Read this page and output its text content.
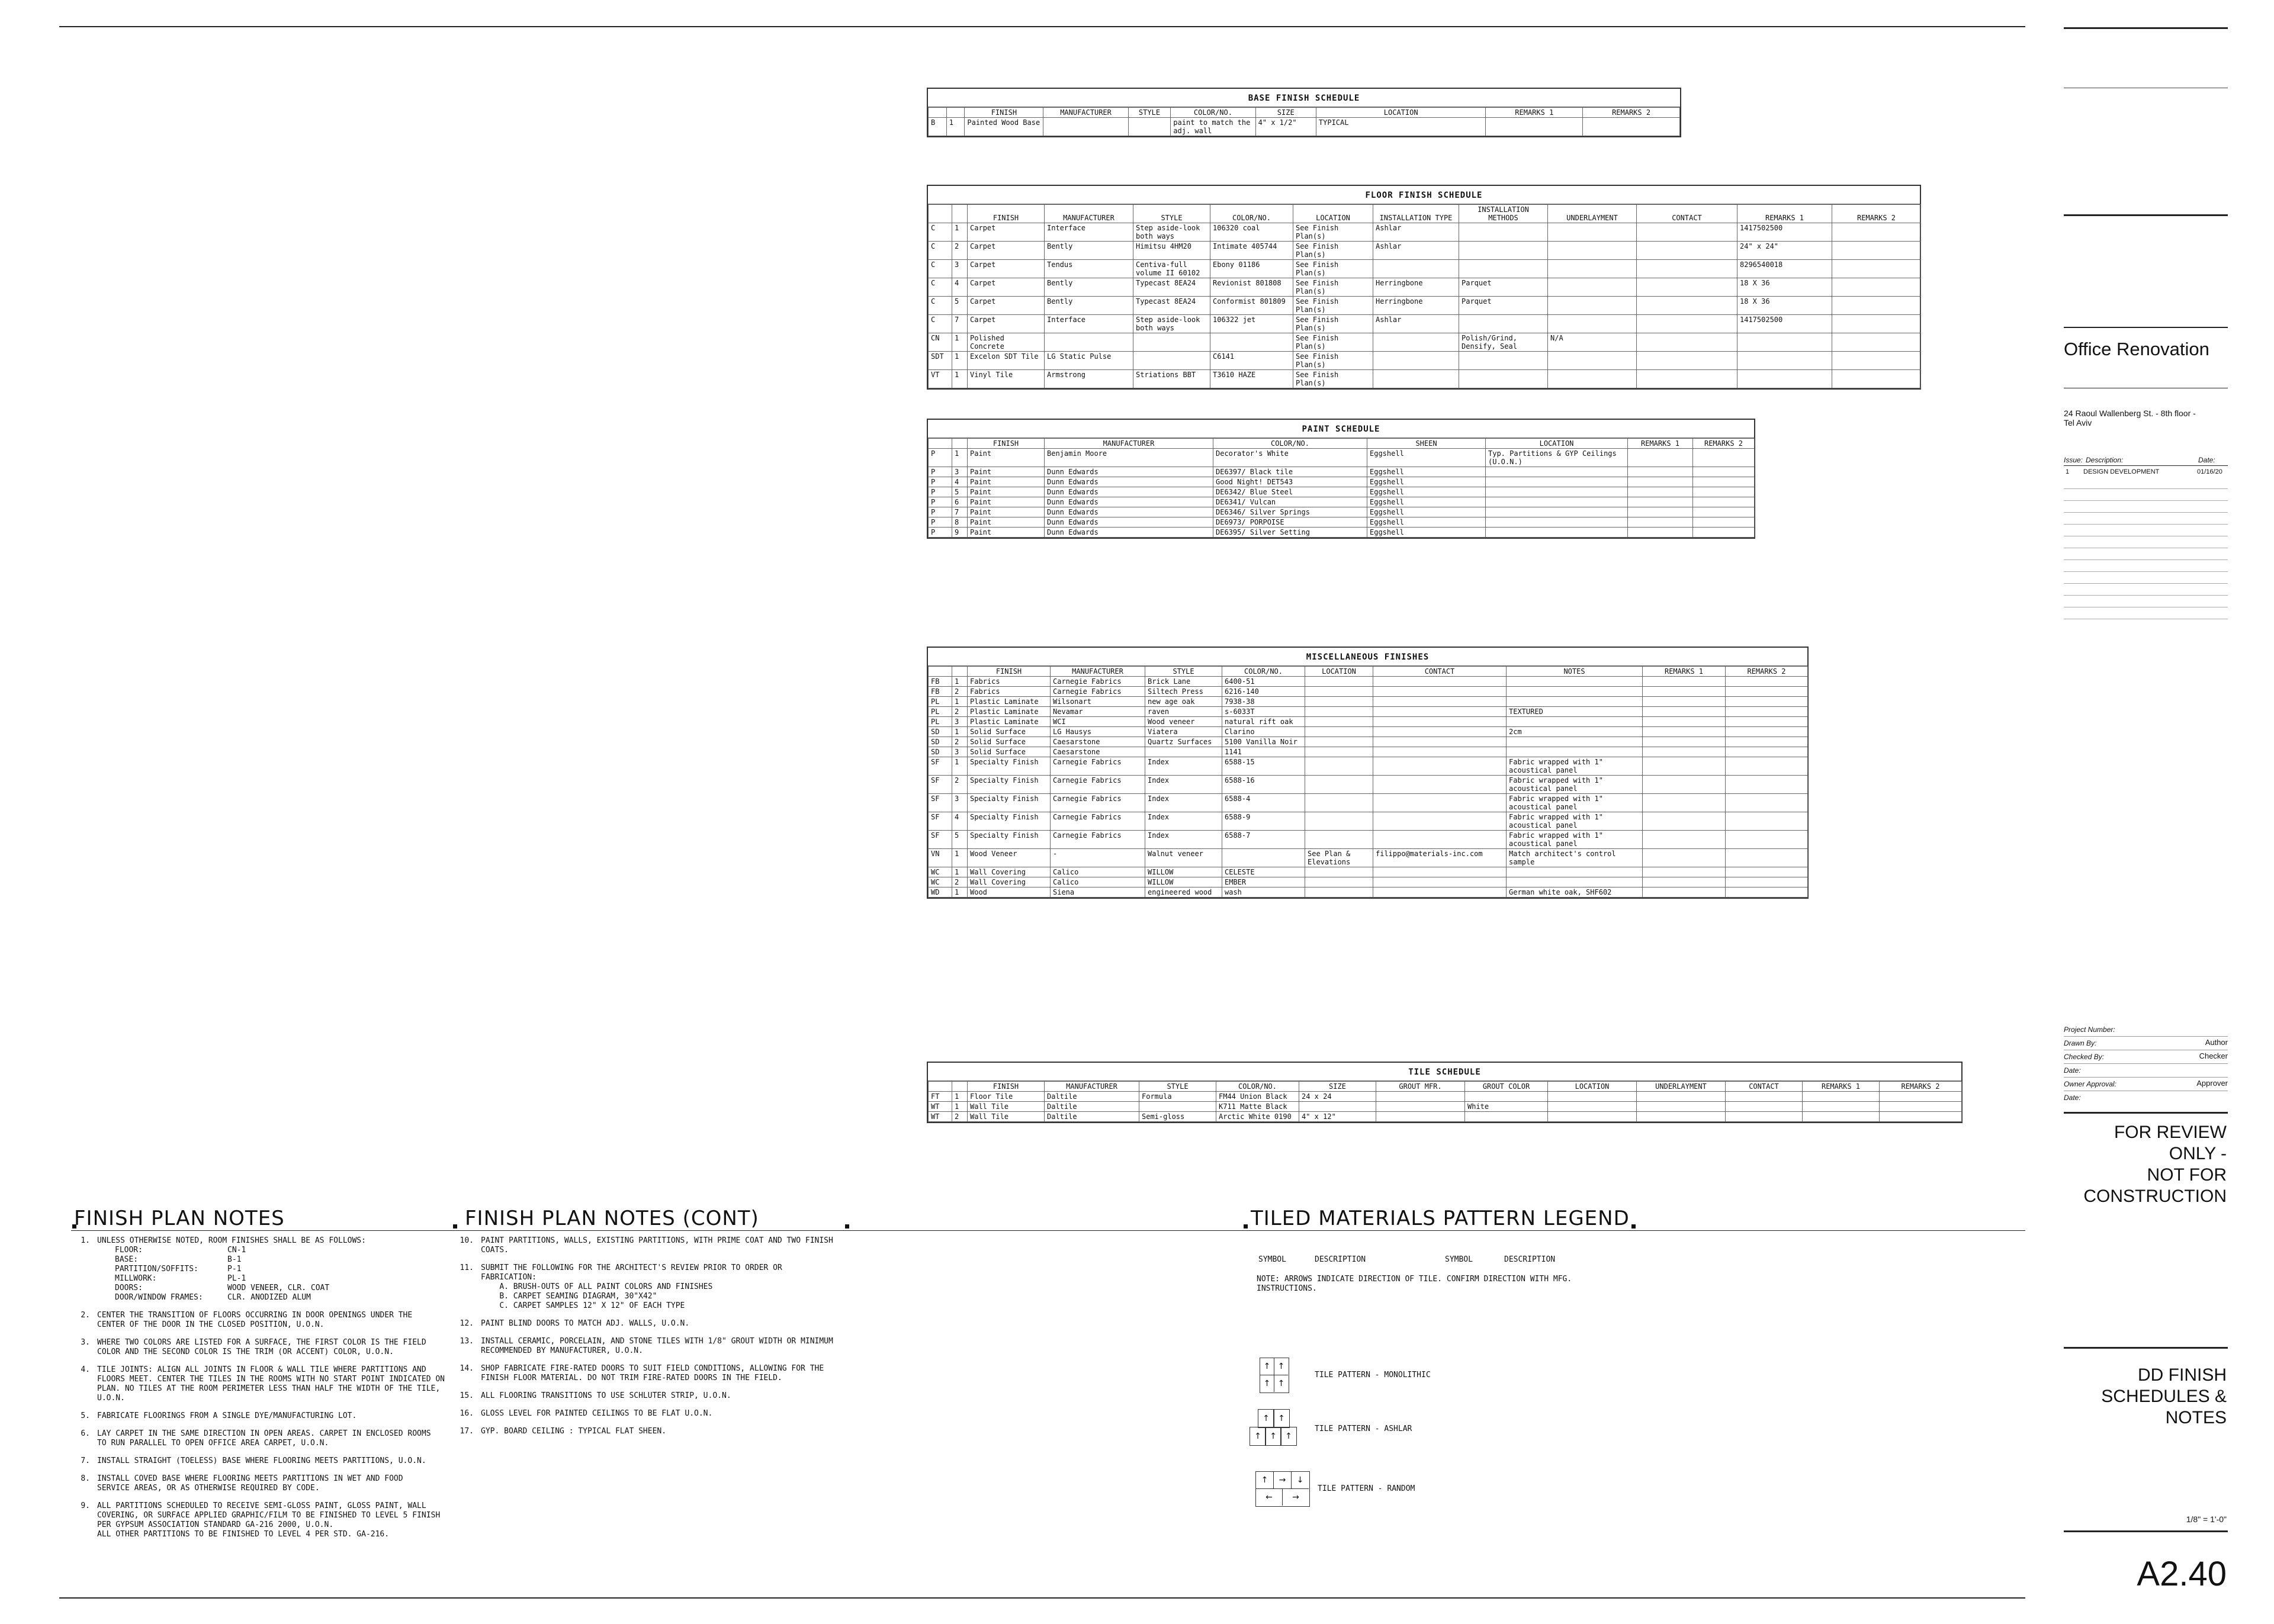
BASE FINISH SCHEDULE
		FINISH	MANUFACTURER	STYLE	COLOR/NO.	SIZE	LOCATION	REMARKS 1	REMARKS 2
B	1	Painted Wood Base			paint to match the adj. wall	4" x 1/2"	TYPICAL		
FLOOR FINISH SCHEDULE
		FINISH	MANUFACTURER	STYLE	COLOR/NO.	LOCATION	INSTALLATION TYPE	INSTALLATION METHODS	UNDERLAYMENT	CONTACT	REMARKS 1	REMARKS 2
C	1	Carpet	Interface	Step aside-look both ways	106320 coal	See Finish Plan(s)	Ashlar				1417502500	
C	2	Carpet	Bently	Himitsu 4HM20	Intimate 405744	See Finish Plan(s)	Ashlar				24" x 24"	
C	3	Carpet	Tendus	Centiva-full volume II 60102	Ebony 01186	See Finish Plan(s)					8296540018	
C	4	Carpet	Bently	Typecast 8EA24	Revionist 801808	See Finish Plan(s)	Herringbone	Parquet			18 X 36	
C	5	Carpet	Bently	Typecast 8EA24	Conformist 801809	See Finish Plan(s)	Herringbone	Parquet			18 X 36	
C	7	Carpet	Interface	Step aside-look both ways	106322 jet	See Finish Plan(s)	Ashlar				1417502500	
CN	1	Polished Concrete				See Finish Plan(s)		Polish/Grind, Densify, Seal	N/A			
SDT	1	Excelon SDT Tile	LG Static Pulse		C6141	See Finish Plan(s)						
VT	1	Vinyl Tile	Armstrong	Striations BBT	T3610 HAZE	See Finish Plan(s)						
PAINT SCHEDULE
		FINISH	MANUFACTURER	COLOR/NO.	SHEEN	LOCATION	REMARKS 1	REMARKS 2
P	1	Paint	Benjamin Moore	Decorator's White	Eggshell	Typ. Partitions & GYP Ceilings (U.O.N.)		
P	3	Paint	Dunn Edwards	DE6397/ Black tile	Eggshell			
P	4	Paint	Dunn Edwards	Good Night! DET543	Eggshell			
P	5	Paint	Dunn Edwards	DE6342/ Blue Steel	Eggshell			
P	6	Paint	Dunn Edwards	DE6341/ Vulcan	Eggshell			
P	7	Paint	Dunn Edwards	DE6346/ Silver Springs	Eggshell			
P	8	Paint	Dunn Edwards	DE6973/ PORPOISE	Eggshell			
P	9	Paint	Dunn Edwards	DE6395/ Silver Setting	Eggshell			
MISCELLANEOUS FINISHES
		FINISH	MANUFACTURER	STYLE	COLOR/NO.	LOCATION	CONTACT	NOTES	REMARKS 1	REMARKS 2
FB	1	Fabrics	Carnegie Fabrics	Brick Lane	6400-51					
FB	2	Fabrics	Carnegie Fabrics	Siltech Press	6216-140					
PL	1	Plastic Laminate	Wilsonart	new age oak	7938-38					
PL	2	Plastic Laminate	Nevamar	raven	s-6033T			TEXTURED		
PL	3	Plastic Laminate	WCI	Wood veneer	natural rift oak					
SD	1	Solid Surface	LG Hausys	Viatera	Clarino			2cm		
SD	2	Solid Surface	Caesarstone	Quartz Surfaces	5100 Vanilla Noir					
SD	3	Solid Surface	Caesarstone		1141					
SF	1	Specialty Finish	Carnegie Fabrics	Index	6588-15			Fabric wrapped with 1" acoustical panel		
SF	2	Specialty Finish	Carnegie Fabrics	Index	6588-16			Fabric wrapped with 1" acoustical panel		
SF	3	Specialty Finish	Carnegie Fabrics	Index	6588-4			Fabric wrapped with 1" acoustical panel		
SF	4	Specialty Finish	Carnegie Fabrics	Index	6588-9			Fabric wrapped with 1" acoustical panel		
SF	5	Specialty Finish	Carnegie Fabrics	Index	6588-7			Fabric wrapped with 1" acoustical panel		
VN	1	Wood Veneer	-	Walnut veneer		See Plan & Elevations	filippo@materials-inc.com	Match architect's control sample		
WC	1	Wall Covering	Calico	WILLOW	CELESTE					
WC	2	Wall Covering	Calico	WILLOW	EMBER					
WD	1	Wood	Siena	engineered wood	wash			German white oak, SHF602		
TILE SCHEDULE
		FINISH	MANUFACTURER	STYLE	COLOR/NO.	SIZE	GROUT MFR.	GROUT COLOR	LOCATION	UNDERLAYMENT	CONTACT	REMARKS 1	REMARKS 2
FT	1	Floor Tile	Daltile	Formula	FM44 Union Black	24 x 24							
WT	1	Wall Tile	Daltile		K711 Matte Black			White					
WT	2	Wall Tile	Daltile	Semi-gloss	Arctic White 0190	4" x 12"							
FINISH PLAN NOTES
1. UNLESS OTHERWISE NOTED, ROOM FINISHES SHALL BE AS FOLLOWS:
FLOOR:	CN-1
BASE:	B-1
PARTITION/SOFFITS:	P-1
MILLWORK:	PL-1
DOORS:	WOOD VENEER, CLR. COAT
DOOR/WINDOW FRAMES:	CLR. ANODIZED ALUM
2. CENTER THE TRANSITION OF FLOORS OCCURRING IN DOOR OPENINGS UNDER THE
CENTER OF THE DOOR IN THE CLOSED POSITION, U.O.N.
3. WHERE TWO COLORS ARE LISTED FOR A SURFACE, THE FIRST COLOR IS THE FIELD
COLOR AND THE SECOND COLOR IS THE TRIM (OR ACCENT) COLOR, U.O.N.
4. TILE JOINTS: ALIGN ALL JOINTS IN FLOOR & WALL TILE WHERE PARTITIONS AND
FLOORS MEET. CENTER THE TILES IN THE ROOMS WITH NO START POINT INDICATED ON
PLAN. NO TILES AT THE ROOM PERIMETER LESS THAN HALF THE WIDTH OF THE TILE,
U.O.N.
5. FABRICATE FLOORINGS FROM A SINGLE DYE/MANUFACTURING LOT.
6. LAY CARPET IN THE SAME DIRECTION IN OPEN AREAS. CARPET IN ENCLOSED ROOMS
TO RUN PARALLEL TO OPEN OFFICE AREA CARPET, U.O.N.
7. INSTALL STRAIGHT (TOELESS) BASE WHERE FLOORING MEETS PARTITIONS, U.O.N.
8. INSTALL COVED BASE WHERE FLOORING MEETS PARTITIONS IN WET AND FOOD
SERVICE AREAS, OR AS OTHERWISE REQUIRED BY CODE.
9. ALL PARTITIONS SCHEDULED TO RECEIVE SEMI-GLOSS PAINT, GLOSS PAINT, WALL
COVERING, OR SURFACE APPLIED GRAPHIC/FILM TO BE FINISHED TO LEVEL 5 FINISH
PER GYPSUM ASSOCIATION STANDARD GA-216 2000, U.O.N.
ALL OTHER PARTITIONS TO BE FINISHED TO LEVEL 4 PER STD. GA-216.
FINISH PLAN NOTES (CONT)
10. PAINT PARTITIONS, WALLS, EXISTING PARTITIONS, WITH PRIME COAT AND TWO FINISH
COATS.
11. SUBMIT THE FOLLOWING FOR THE ARCHITECT'S REVIEW PRIOR TO ORDER OR
FABRICATION:
A. BRUSH-OUTS OF ALL PAINT COLORS AND FINISHES
B. CARPET SEAMING DIAGRAM, 30"X42"
C. CARPET SAMPLES 12" X 12" OF EACH TYPE
12. PAINT BLIND DOORS TO MATCH ADJ. WALLS, U.O.N.
13. INSTALL CERAMIC, PORCELAIN, AND STONE TILES WITH 1/8" GROUT WIDTH OR MINIMUM
RECOMMENDED BY MANUFACTURER, U.O.N.
14. SHOP FABRICATE FIRE-RATED DOORS TO SUIT FIELD CONDITIONS, ALLOWING FOR THE
FINISH FLOOR MATERIAL. DO NOT TRIM FIRE-RATED DOORS IN THE FIELD.
15. ALL FLOORING TRANSITIONS TO USE SCHLUTER STRIP, U.O.N.
16. GLOSS LEVEL FOR PAINTED CEILINGS TO BE FLAT U.O.N.
17. GYP. BOARD CEILING : TYPICAL FLAT SHEEN.
TILED MATERIALS PATTERN LEGEND
SYMBOL	DESCRIPTION	SYMBOL	DESCRIPTION
NOTE: ARROWS INDICATE DIRECTION OF TILE. CONFIRM DIRECTION WITH MFG.
INSTRUCTIONS.
↑ ↑
↑ ↑
TILE PATTERN - MONOLITHIC
↑	↑
↑	↑	↑
TILE PATTERN - ASHLAR
↑	→	↓
←	→
TILE PATTERN - RANDOM
Office Renovation
24 Raoul Wallenberg St. - 8th floor -
Tel Aviv
Issue: Description:	Date:
1 DESIGN DEVELOPMENT	01/16/20
Project Number:
Drawn By:	Author
Checked By:	Checker
Date:
Owner Approval:	Approver
Date:
FOR REVIEW
ONLY -
NOT FOR
CONSTRUCTION
DD FINISH
SCHEDULES &
NOTES
1/8" = 1'-0"
A2.40
